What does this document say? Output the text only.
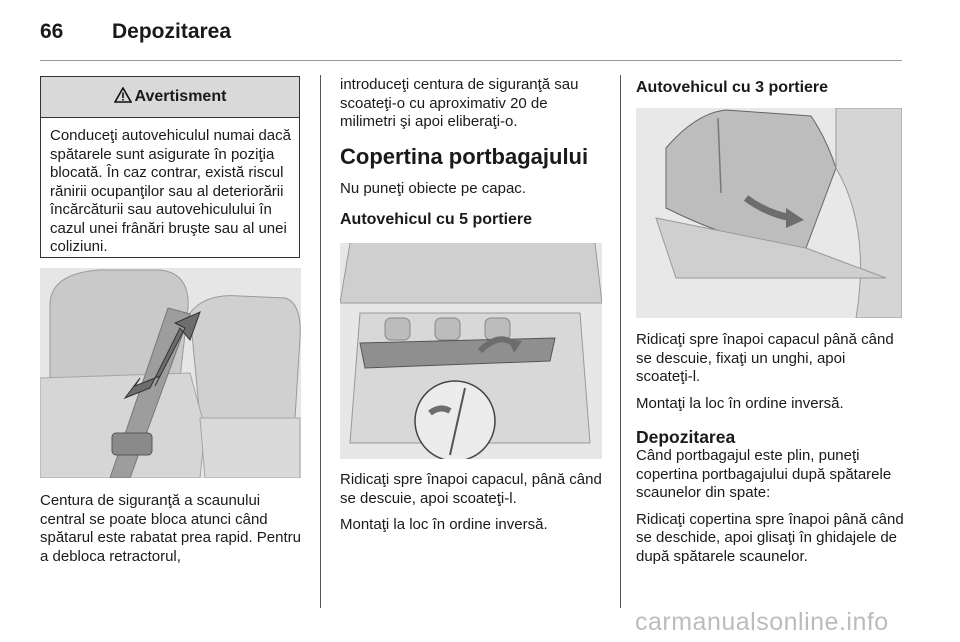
66 Depozitarea
Avertisment
Conduceţi autovehiculul numai dacă spătarele sunt asigurate în poziţia blocată. În caz contrar, există riscul rănirii ocupanţilor sau al deteriorării încărcăturii sau autovehiculului în cazul unei frânări bruşte sau al unei coliziuni.

Centura de siguranţă a scaunului central se poate bloca atunci când spătarul este rabatat prea rapid. Pentru a debloca retractorul,

introduceţi centura de siguranţă sau scoateţi-o cu aproximativ 20 de milimetri şi apoi eliberaţi-o.

Copertina portbagajului

Nu puneţi obiecte pe capac.

Autovehicul cu 5 portiere

Ridicaţi spre înapoi capacul, până când se descuie, apoi scoateţi-l.

Montaţi la loc în ordine inversă.

Autovehicul cu 3 portiere

Ridicaţi spre înapoi capacul până când se descuie, fixaţi un unghi, apoi scoateţi-l.

Montaţi la loc în ordine inversă.

Depozitarea

Când portbagajul este plin, puneţi copertina portbagajului după spătarele scaunelor din spate:

Ridicaţi copertina spre înapoi până când se deschide, apoi glisaţi în ghidajele de după spătarele scaunelor.

carmanualsonline.info
